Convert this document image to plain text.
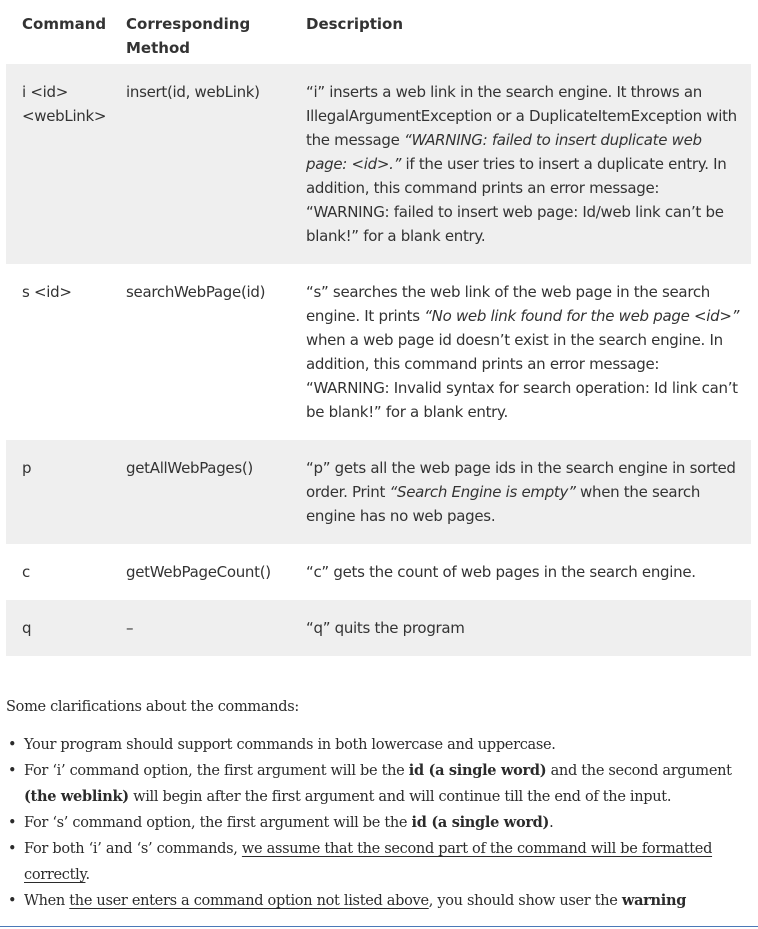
Command	Corresponding Method	Description
i <id> <webLink>	insert(id, webLink)	“i” inserts a web link in the search engine. It throws an IllegalArgumentException or a DuplicateItemException with the message “WARNING: failed to insert duplicate web page: <id>.” if the user tries to insert a duplicate entry. In addition, this command prints an error message: “WARNING: failed to insert web page: Id/web link can’t be blank!” for a blank entry.
s <id>	searchWebPage(id)	“s” searches the web link of the web page in the search engine. It prints “No web link found for the web page <id>” when a web page id doesn’t exist in the search engine. In addition, this command prints an error message: “WARNING: Invalid syntax for search operation: Id link can’t be blank!” for a blank entry.
p	getAllWebPages()	“p” gets all the web page ids in the search engine in sorted order. Print “Search Engine is empty” when the search engine has no web pages.
c	getWebPageCount()	“c” gets the count of web pages in the search engine.
q	–	“q” quits the program

Some clarifications about the commands:

• Your program should support commands in both lowercase and uppercase.
• For ‘i’ command option, the first argument will be the id (a single word) and the second argument (the weblink) will begin after the first argument and will continue till the end of the input.
• For ‘s’ command option, the first argument will be the id (a single word).
• For both ‘i’ and ‘s’ commands, we assume that the second part of the command will be formatted correctly.
• When the user enters a command option not listed above, you should show user the warning
